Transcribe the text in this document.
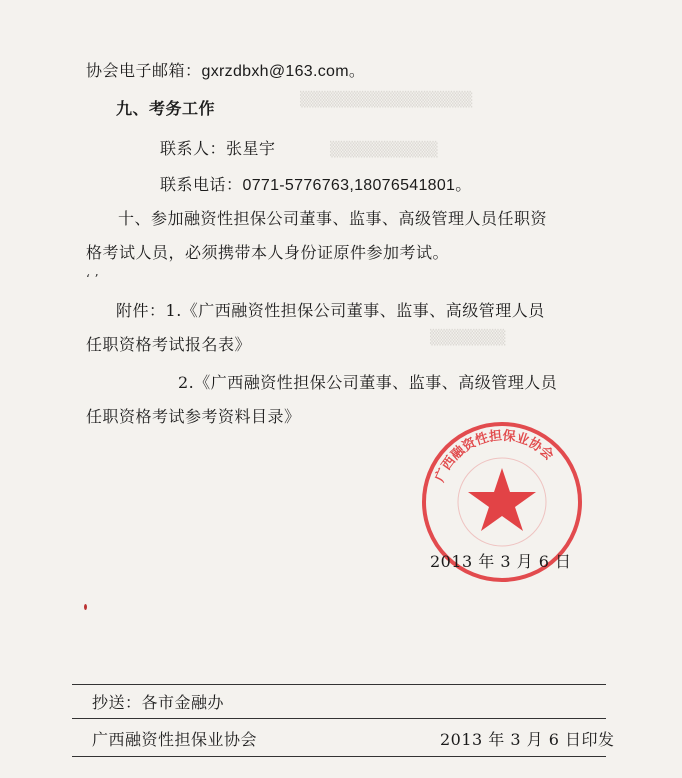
▒▒▒▒▒▒▒▒▒▒▒▒▒▒▒▒
▒▒▒▒▒▒▒▒▒▒
▒▒▒▒▒▒▒
协会电子邮箱：gxrzdbxh@163.com。
九、考务工作
联系人：张星宇
联系电话：0771-5776763,18076541801。
十、参加融资性担保公司董事、监事、高级管理人员任职资
格考试人员，必须携带本人身份证原件参加考试。
‘ ’
附件：1.《广西融资性担保公司董事、监事、高级管理人员
任职资格考试报名表》
2.《广西融资性担保公司董事、监事、高级管理人员
任职资格考试参考资料目录》
广西融资性担保业协会
2013 年 3 月 6 日
抄送：各市金融办
广西融资性担保业协会	2013 年 3 月 6 日印发
